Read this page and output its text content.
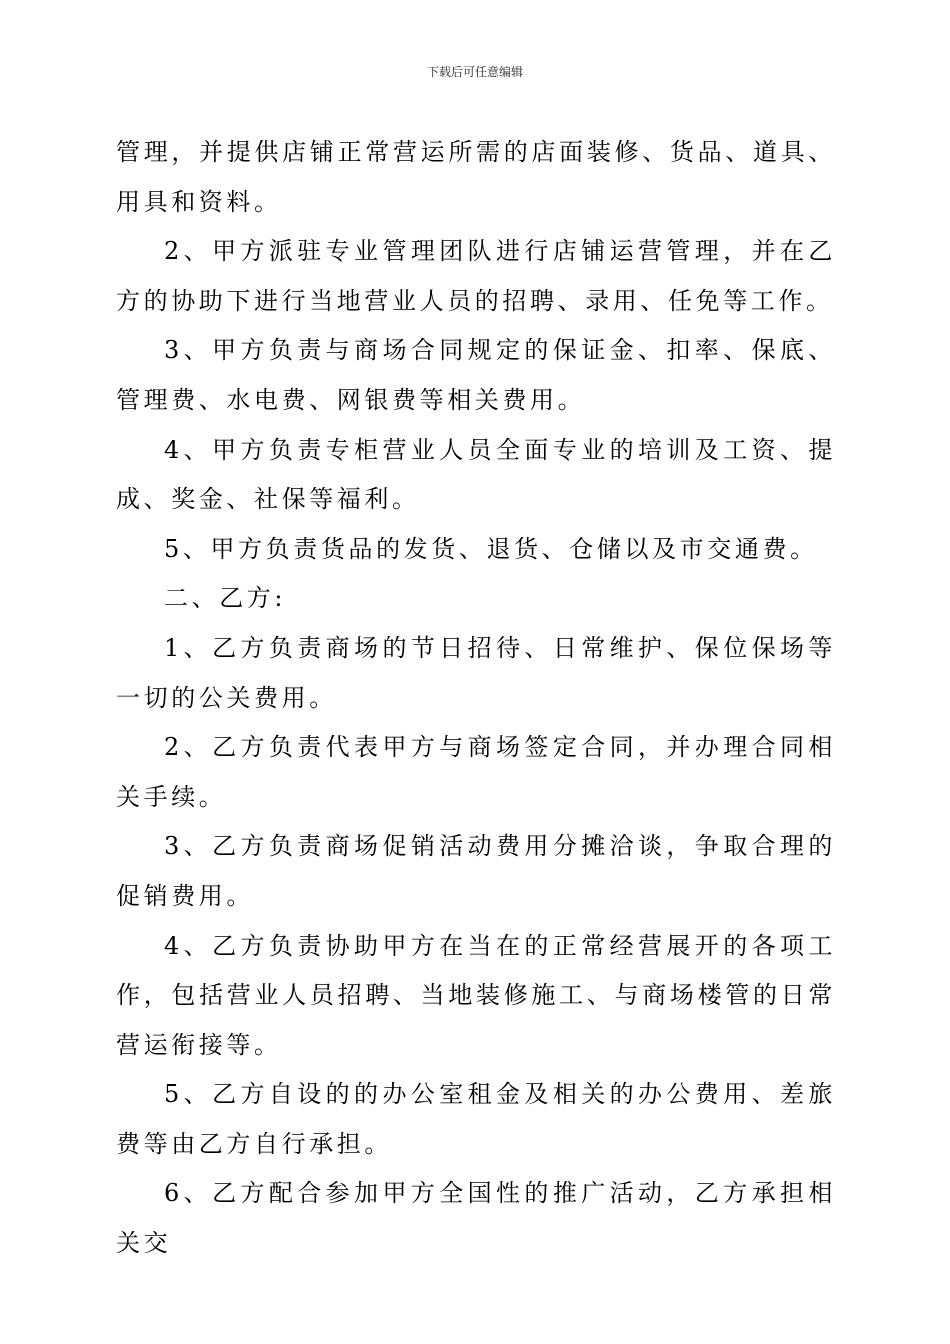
下载后可任意编辑

管理，并提供店铺正常营运所需的店面装修、货品、道具、用具和资料。

2、甲方派驻专业管理团队进行店铺运营管理，并在乙方的协助下进行当地营业人员的招聘、录用、任免等工作。

3、甲方负责与商场合同规定的保证金、扣率、保底、管理费、水电费、网银费等相关费用。

4、甲方负责专柜营业人员全面专业的培训及工资、提成、奖金、社保等福利。

5、甲方负责货品的发货、退货、仓储以及市交通费。

二、乙方:

1、乙方负责商场的节日招待、日常维护、保位保场等一切的公关费用。

2、乙方负责代表甲方与商场签定合同，并办理合同相关手续。

3、乙方负责商场促销活动费用分摊洽谈，争取合理的促销费用。

4、乙方负责协助甲方在当在的正常经营展开的各项工作，包括营业人员招聘、当地装修施工、与商场楼管的日常营运衔接等。

5、乙方自设的的办公室租金及相关的办公费用、差旅费等由乙方自行承担。

6、乙方配合参加甲方全国性的推广活动，乙方承担相关交
